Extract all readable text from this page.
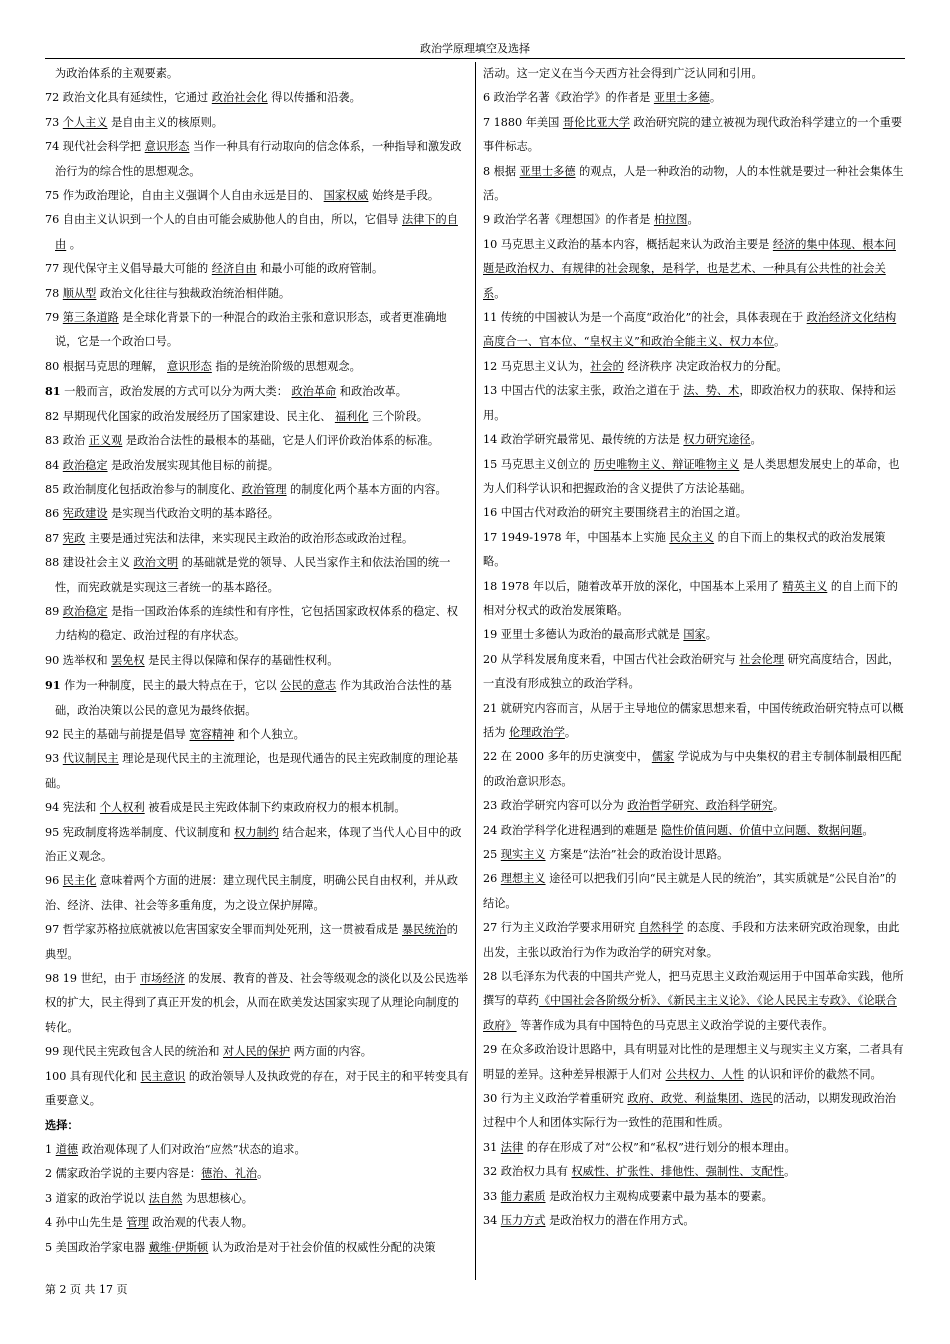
政治学原理填空及选择

为政治体系的主观要素。

72 政治文化具有延续性，它通过 政治社会化 得以传播和沿袭。

73 个人主义 是自由主义的核原则。

74 现代社会科学把 意识形态 当作一种具有行动取向的信念体系，一种指导和激发政治行为的综合性的思想观念。

75 作为政治理论，自由主义强调个人自由永远是目的、 国家权威 始终是手段。

76 自由主义认识到一个人的自由可能会威胁他人的自由，所以，它倡导 法律下的自由 。

77 现代保守主义倡导最大可能的 经济自由 和最小可能的政府管制。

78 顺从型 政治文化往往与独裁政治统治相伴随。

79 第三条道路 是全球化背景下的一种混合的政治主张和意识形态，或者更准确地说，它是一个政治口号。

80 根据马克思的理解， 意识形态 指的是统治阶级的思想观念。

81 一般而言，政治发展的方式可以分为两大类： 政治革命 和政治改革。

82 早期现代化国家的政治发展经历了国家建设、民主化、 福利化 三个阶段。

83 政治 正义观 是政治合法性的最根本的基础，它是人们评价政治体系的标准。

84 政治稳定 是政治发展实现其他目标的前提。

85 政治制度化包括政治参与的制度化、政治管理 的制度化两个基本方面的内容。

86 宪政建设 是实现当代政治文明的基本路径。

87 宪政 主要是通过宪法和法律，来实现民主政治的政治形态或政治过程。

88 建设社会主义 政治文明 的基础就是党的领导、人民当家作主和依法治国的统一性，而宪政就是实现这三者统一的基本路径。

89 政治稳定 是指一国政治体系的连续性和有序性，它包括国家政权体系的稳定、权力结构的稳定、政治过程的有序状态。

90 选举权和 罢免权 是民主得以保障和保存的基础性权利。

91 作为一种制度，民主的最大特点在于，它以 公民的意志 作为其政治合法性的基础，政治决策以公民的意见为最终依据。

92 民主的基础与前提是倡导 宽容精神 和个人独立。

93 代议制民主 理论是现代民主的主流理论，也是现代通告的民主宪政制度的理论基础。

94 宪法和 个人权利 被看成是民主宪政体制下约束政府权力的根本机制。

95 宪政制度将选举制度、代议制度和 权力制约 结合起来，体现了当代人心目中的政治正义观念。

96 民主化 意味着两个方面的进展：建立现代民主制度，明确公民自由权利，并从政治、经济、法律、社会等多重角度，为之设立保护屏障。

97 哲学家苏格拉底就被以危害国家安全罪而判处死刑，这一贯被看成是 暴民统治的典型。

98 19 世纪，由于 市场经济 的发展、教育的普及、社会等级观念的淡化以及公民选举权的扩大，民主得到了真正开发的机会，从而在欧美发达国家实现了从理论向制度的转化。

99 现代民主宪政包含人民的统治和 对人民的保护 两方面的内容。

100 具有现代化和 民主意识 的政治领导人及执政党的存在，对于民主的和平转变具有重要意义。

选择：

1 道德 政治观体现了人们对政治“应然”状态的追求。

2 儒家政治学说的主要内容是：德治、礼治。

3 道家的政治学说以 法自然 为思想核心。

4 孙中山先生是 管理 政治观的代表人物。

5 美国政治学家电器 戴维·伊斯顿 认为政治是对于社会价值的权威性分配的决策

活动。这一定义在当今天西方社会得到广泛认同和引用。

6 政治学名著《政治学》的作者是 亚里士多德。

7 1880 年美国 哥伦比亚大学 政治研究院的建立被视为现代政治科学建立的一个重要事件标志。

8 根据 亚里士多德 的观点，人是一种政治的动物，人的本性就是要过一种社会集体生活。

9 政治学名著《理想国》的作者是 柏拉图。

10 马克思主义政治的基本内容，概括起来认为政治主要是 经济的集中体现、根本问题是政治权力、有规律的社会现象，是科学，也是艺术、一种具有公共性的社会关系。

11 传统的中国被认为是一个高度“政治化”的社会，具体表现在于 政治经济文化结构高度合一、官本位、“皇权主义”和政治全能主义、权力本位。

12 马克思主义认为，社会的 经济秩序 决定政治权力的分配。

13 中国古代的法家主张，政治之道在于 法、势、术，即政治权力的获取、保持和运用。

14 政治学研究最常见、最传统的方法是 权力研究途径。

15 马克思主义创立的 历史唯物主义、辩证唯物主义 是人类思想发展史上的革命，也为人们科学认识和把握政治的含义提供了方法论基础。

16 中国古代对政治的研究主要围绕君主的治国之道。

17 1949-1978 年，中国基本上实施 民众主义 的自下而上的集权式的政治发展策略。

18 1978 年以后，随着改革开放的深化，中国基本上采用了 精英主义 的自上而下的相对分权式的政治发展策略。

19 亚里士多德认为政治的最高形式就是 国家。

20 从学科发展角度来看，中国古代社会政治研究与 社会伦理 研究高度结合，因此，一直没有形成独立的政治学科。

21 就研究内容而言，从居于主导地位的儒家思想来看，中国传统政治研究特点可以概括为 伦理政治学。

22 在 2000 多年的历史演变中， 儒家 学说成为与中央集权的君主专制体制最相匹配的政治意识形态。

23 政治学研究内容可以分为 政治哲学研究、政治科学研究。

24 政治学科学化进程遇到的难题是 隐性价值问题、价值中立问题、数据问题。

25 现实主义 方案是“法治”社会的政治设计思路。

26 理想主义 途径可以把我们引向“民主就是人民的统治”，其实质就是“公民自治”的结论。

27 行为主义政治学要求用研究 自然科学 的态度、手段和方法来研究政治现象，由此出发，主张以政治行为作为政治学的研究对象。

28 以毛泽东为代表的中国共产党人，把马克思主义政治观运用于中国革命实践，他所撰写的草药《中国社会各阶级分析》、《新民主主义论》、《论人民民主专政》、《论联合政府》 等著作成为具有中国特色的马克思主义政治学说的主要代表作。

29 在众多政治设计思路中，具有明显对比性的是理想主义与现实主义方案，二者具有明显的差异。这种差异根源于人们对 公共权力、人性 的认识和评价的截然不同。

30 行为主义政治学着重研究 政府、政党、利益集团、选民的活动，以期发现政治治过程中个人和团体实际行为一致性的范围和性质。

31 法律 的存在形成了对“公权”和“私权”进行划分的根本理由。

32 政治权力具有 权威性、扩张性、排他性、强制性、支配性。

33 能力素质 是政治权力主观构成要素中最为基本的要素。

34 压力方式 是政治权力的潜在作用方式。

第 2 页 共 17 页
